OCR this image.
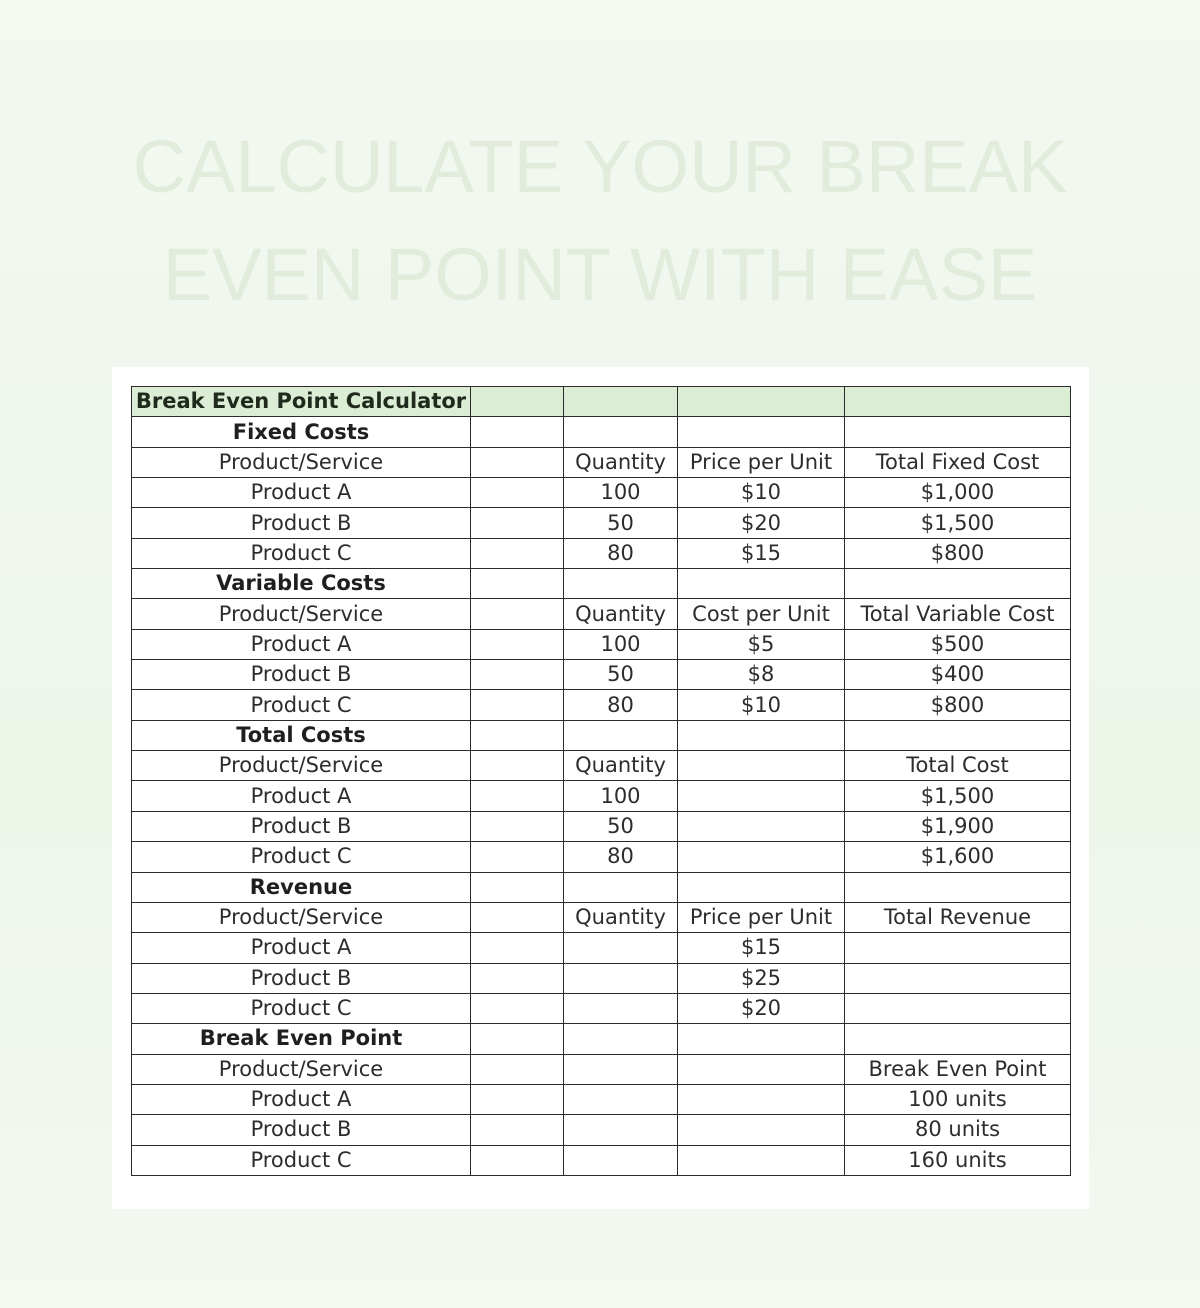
CALCULATE YOUR BREAK
EVEN POINT WITH EASE
Break Even Point Calculator				
Fixed Costs				
Product/Service		Quantity	Price per Unit	Total Fixed Cost
Product A		100	$10	$1,000
Product B		50	$20	$1,500
Product C		80	$15	$800
Variable Costs				
Product/Service		Quantity	Cost per Unit	Total Variable Cost
Product A		100	$5	$500
Product B		50	$8	$400
Product C		80	$10	$800
Total Costs				
Product/Service		Quantity		Total Cost
Product A		100		$1,500
Product B		50		$1,900
Product C		80		$1,600
Revenue				
Product/Service		Quantity	Price per Unit	Total Revenue
Product A			$15	
Product B			$25	
Product C			$20	
Break Even Point				
Product/Service				Break Even Point
Product A				100 units
Product B				80 units
Product C				160 units
